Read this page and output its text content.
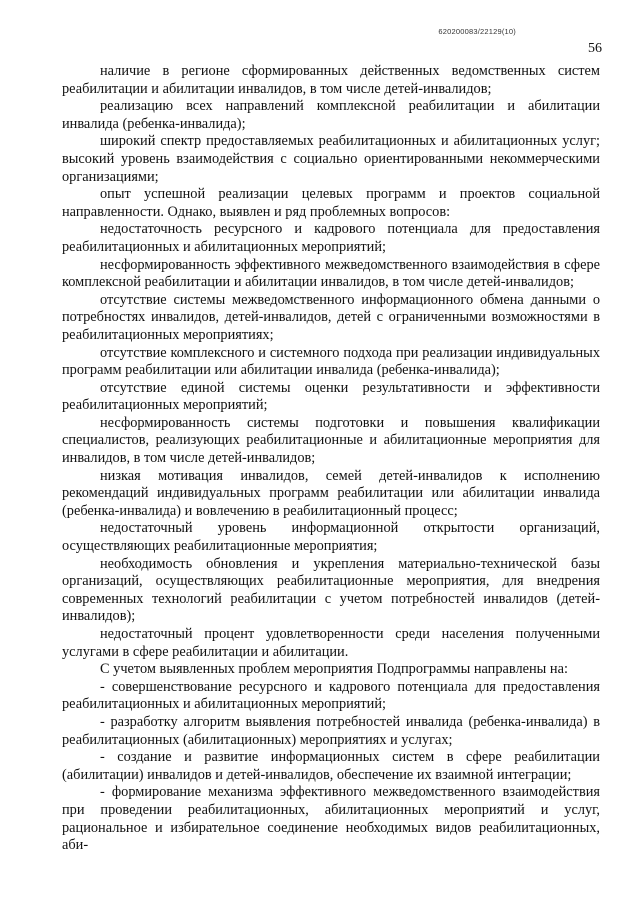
620200083/22129(10)
56

наличие в регионе сформированных действенных ведомственных систем реабилитации и абилитации инвалидов, в том числе детей-инвалидов;

реализацию всех направлений комплексной реабилитации и абилитации инвалида (ребенка-инвалида);

широкий спектр предоставляемых реабилитационных и абилитационных услуг; высокий уровень взаимодействия с социально ориентированными некоммерческими организациями;

опыт успешной реализации целевых программ и проектов социальной направленности. Однако, выявлен и ряд проблемных вопросов:

недостаточность ресурсного и кадрового потенциала для предоставления реабилитационных и абилитационных мероприятий;

несформированность эффективного межведомственного взаимодействия в сфере комплексной реабилитации и абилитации инвалидов, в том числе детей-инвалидов;

отсутствие системы межведомственного информационного обмена данными о потребностях инвалидов, детей-инвалидов, детей с ограниченными возможностями в реабилитационных мероприятиях;

отсутствие комплексного и системного подхода при реализации индивидуальных программ реабилитации или абилитации инвалида (ребенка-инвалида);

отсутствие единой системы оценки результативности и эффективности реабилитационных мероприятий;

несформированность системы подготовки и повышения квалификации специалистов, реализующих реабилитационные и абилитационные мероприятия для инвалидов, в том числе детей-инвалидов;

низкая мотивация инвалидов, семей детей-инвалидов к исполнению рекомендаций индивидуальных программ реабилитации или абилитации инвалида (ребенка-инвалида) и вовлечению в реабилитационный процесс;

недостаточный уровень информационной открытости организаций, осуществляющих реабилитационные мероприятия;

необходимость обновления и укрепления материально-технической базы организаций, осуществляющих реабилитационные мероприятия, для внедрения современных технологий реабилитации с учетом потребностей инвалидов (детей-инвалидов);

недостаточный процент удовлетворенности среди населения полученными услугами в сфере реабилитации и абилитации.

С учетом выявленных проблем мероприятия Подпрограммы направлены на:

- совершенствование ресурсного и кадрового потенциала для предоставления реабилитационных и абилитационных мероприятий;

- разработку алгоритм выявления потребностей инвалида (ребенка-инвалида) в реабилитационных (абилитационных) мероприятиях и услугах;

- создание и развитие информационных систем в сфере реабилитации (абилитации) инвалидов и детей-инвалидов, обеспечение их взаимной интеграции;

- формирование механизма эффективного межведомственного взаимодействия при проведении реабилитационных, абилитационных мероприятий и услуг, рациональное и избирательное соединение необходимых видов реабилитационных, аби-
